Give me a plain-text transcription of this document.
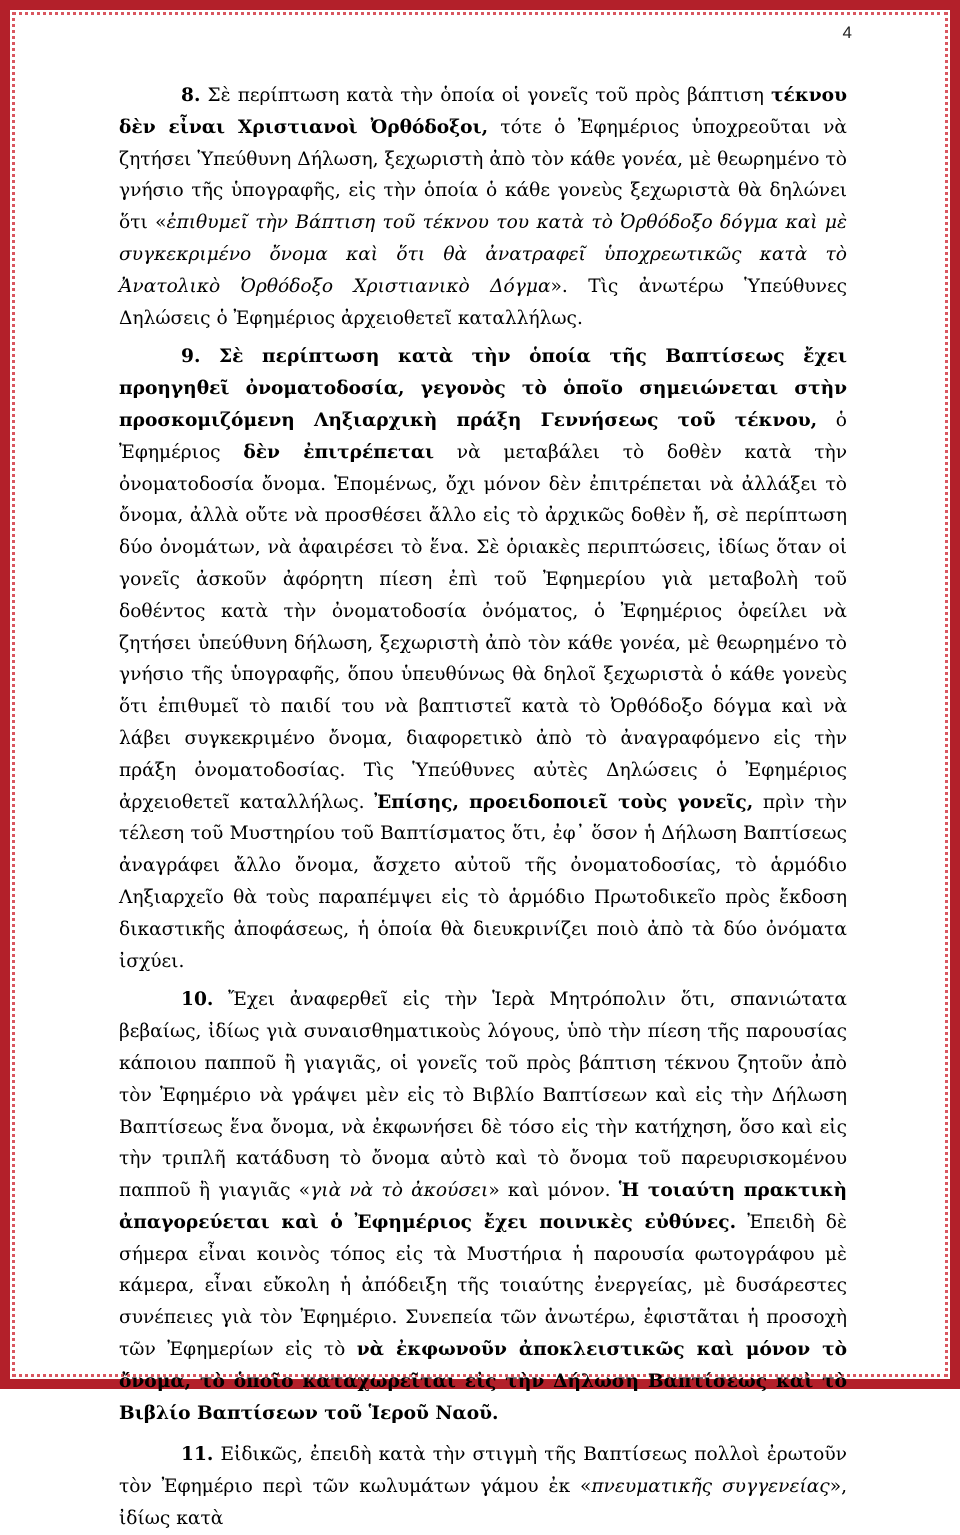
4

8. Σὲ περίπτωση κατὰ τὴν ὁποία οἱ γονεῖς τοῦ πρὸς βάπτιση τέκνου δὲν εἶναι Χριστιανοὶ Ὀρθόδοξοι, τότε ὁ Ἐφημέριος ὑποχρεοῦται νὰ ζητήσει Ὑπεύθυνη Δήλωση, ξεχωριστὴ ἀπὸ τὸν κάθε γονέα, μὲ θεωρημένο τὸ γνήσιο τῆς ὑπογραφῆς, εἰς τὴν ὁποία ὁ κάθε γονεὺς ξεχωριστὰ θὰ δηλώνει ὅτι «ἐπιθυμεῖ τὴν Βάπτιση τοῦ τέκνου του κατὰ τὸ Ὀρθόδοξο δόγμα καὶ μὲ συγκεκριμένο ὄνομα καὶ ὅτι θὰ ἀνατραφεῖ ὑποχρεωτικῶς κατὰ τὸ Ἀνατολικὸ Ὀρθόδοξο Χριστιανικὸ Δόγμα». Τὶς ἀνωτέρω Ὑπεύθυνες Δηλώσεις ὁ Ἐφημέριος ἀρχειοθετεῖ καταλλήλως.

9. Σὲ περίπτωση κατὰ τὴν ὁποία τῆς Βαπτίσεως ἔχει προηγηθεῖ ὀνοματοδοσία, γεγονὸς τὸ ὁποῖο σημειώνεται στὴν προσκομιζόμενη Ληξιαρχικὴ πράξη Γεννήσεως τοῦ τέκνου, ὁ Ἐφημέριος δὲν ἐπιτρέπεται νὰ μεταβάλει τὸ δοθὲν κατὰ τὴν ὀνοματοδοσία ὄνομα. Ἑπομένως, ὄχι μόνον δὲν ἐπιτρέπεται νὰ ἀλλάξει τὸ ὄνομα, ἀλλὰ οὔτε νὰ προσθέσει ἄλλο εἰς τὸ ἀρχικῶς δοθὲν ἤ, σὲ περίπτωση δύο ὀνομάτων, νὰ ἀφαιρέσει τὸ ἕνα. Σὲ ὁριακὲς περιπτώσεις, ἰδίως ὅταν οἱ γονεῖς ἀσκοῦν ἀφόρητη πίεση ἐπὶ τοῦ Ἐφημερίου γιὰ μεταβολὴ τοῦ δοθέντος κατὰ τὴν ὀνοματοδοσία ὀνόματος, ὁ Ἐφημέριος ὀφείλει νὰ ζητήσει ὑπεύθυνη δήλωση, ξεχωριστὴ ἀπὸ τὸν κάθε γονέα, μὲ θεωρημένο τὸ γνήσιο τῆς ὑπογραφῆς, ὅπου ὑπευθύνως θὰ δηλοῖ ξεχωριστὰ ὁ κάθε γονεὺς ὅτι ἐπιθυμεῖ τὸ παιδί του νὰ βαπτιστεῖ κατὰ τὸ Ὀρθόδοξο δόγμα καὶ νὰ λάβει συγκεκριμένο ὄνομα, διαφορετικὸ ἀπὸ τὸ ἀναγραφόμενο εἰς τὴν πράξη ὀνοματοδοσίας. Τὶς Ὑπεύθυνες αὐτὲς Δηλώσεις ὁ Ἐφημέριος ἀρχειοθετεῖ καταλλήλως. Ἐπίσης, προειδοποιεῖ τοὺς γονεῖς, πρὶν τὴν τέλεση τοῦ Μυστηρίου τοῦ Βαπτίσματος ὅτι, ἐφ᾽ ὅσον ἡ Δήλωση Βαπτίσεως ἀναγράφει ἄλλο ὄνομα, ἄσχετο αὐτοῦ τῆς ὀνοματοδοσίας, τὸ ἁρμόδιο Ληξιαρχεῖο θὰ τοὺς παραπέμψει εἰς τὸ ἁρμόδιο Πρωτοδικεῖο πρὸς ἔκδοση δικαστικῆς ἀποφάσεως, ἡ ὁποία θὰ διευκρινίζει ποιὸ ἀπὸ τὰ δύο ὀνόματα ἰσχύει.

10. Ἔχει ἀναφερθεῖ εἰς τὴν Ἱερὰ Μητρόπολιν ὅτι, σπανιώτατα βεβαίως, ἰδίως γιὰ συναισθηματικοὺς λόγους, ὑπὸ τὴν πίεση τῆς παρουσίας κάποιου παπποῦ ἢ γιαγιᾶς, οἱ γονεῖς τοῦ πρὸς βάπτιση τέκνου ζητοῦν ἀπὸ τὸν Ἐφημέριο νὰ γράψει μὲν εἰς τὸ Βιβλίο Βαπτίσεων καὶ εἰς τὴν Δήλωση Βαπτίσεως ἕνα ὄνομα, νὰ ἐκφωνήσει δὲ τόσο εἰς τὴν κατήχηση, ὅσο καὶ εἰς τὴν τριπλῆ κατάδυση τὸ ὄνομα αὐτὸ καὶ τὸ ὄνομα τοῦ παρευρισκομένου παπποῦ ἢ γιαγιᾶς «γιὰ νὰ τὸ ἀκούσει» καὶ μόνον. Ἡ τοιαύτη πρακτικὴ ἀπαγορεύεται καὶ ὁ Ἐφημέριος ἔχει ποινικὲς εὐθύνες. Ἐπειδὴ δὲ σήμερα εἶναι κοινὸς τόπος εἰς τὰ Μυστήρια ἡ παρουσία φωτογράφου μὲ κάμερα, εἶναι εὔκολη ἡ ἀπόδειξη τῆς τοιαύτης ἐνεργείας, μὲ δυσάρεστες συνέπειες γιὰ τὸν Ἐφημέριο. Συνεπεία τῶν ἀνωτέρω, ἐφιστᾶται ἡ προσοχὴ τῶν Ἐφημερίων εἰς τὸ νὰ ἐκφωνοῦν ἀποκλειστικῶς καὶ μόνον τὸ ὄνομα, τὸ ὁποῖο καταχωρεῖται εἰς τὴν Δήλωση Βαπτίσεως καὶ τὸ Βιβλίο Βαπτίσεων τοῦ Ἱεροῦ Ναοῦ.

11. Εἰδικῶς, ἐπειδὴ κατὰ τὴν στιγμὴ τῆς Βαπτίσεως πολλοὶ ἐρωτοῦν τὸν Ἐφημέριο περὶ τῶν κωλυμάτων γάμου ἐκ «πνευματικῆς συγγενείας», ἰδίως κατὰ
